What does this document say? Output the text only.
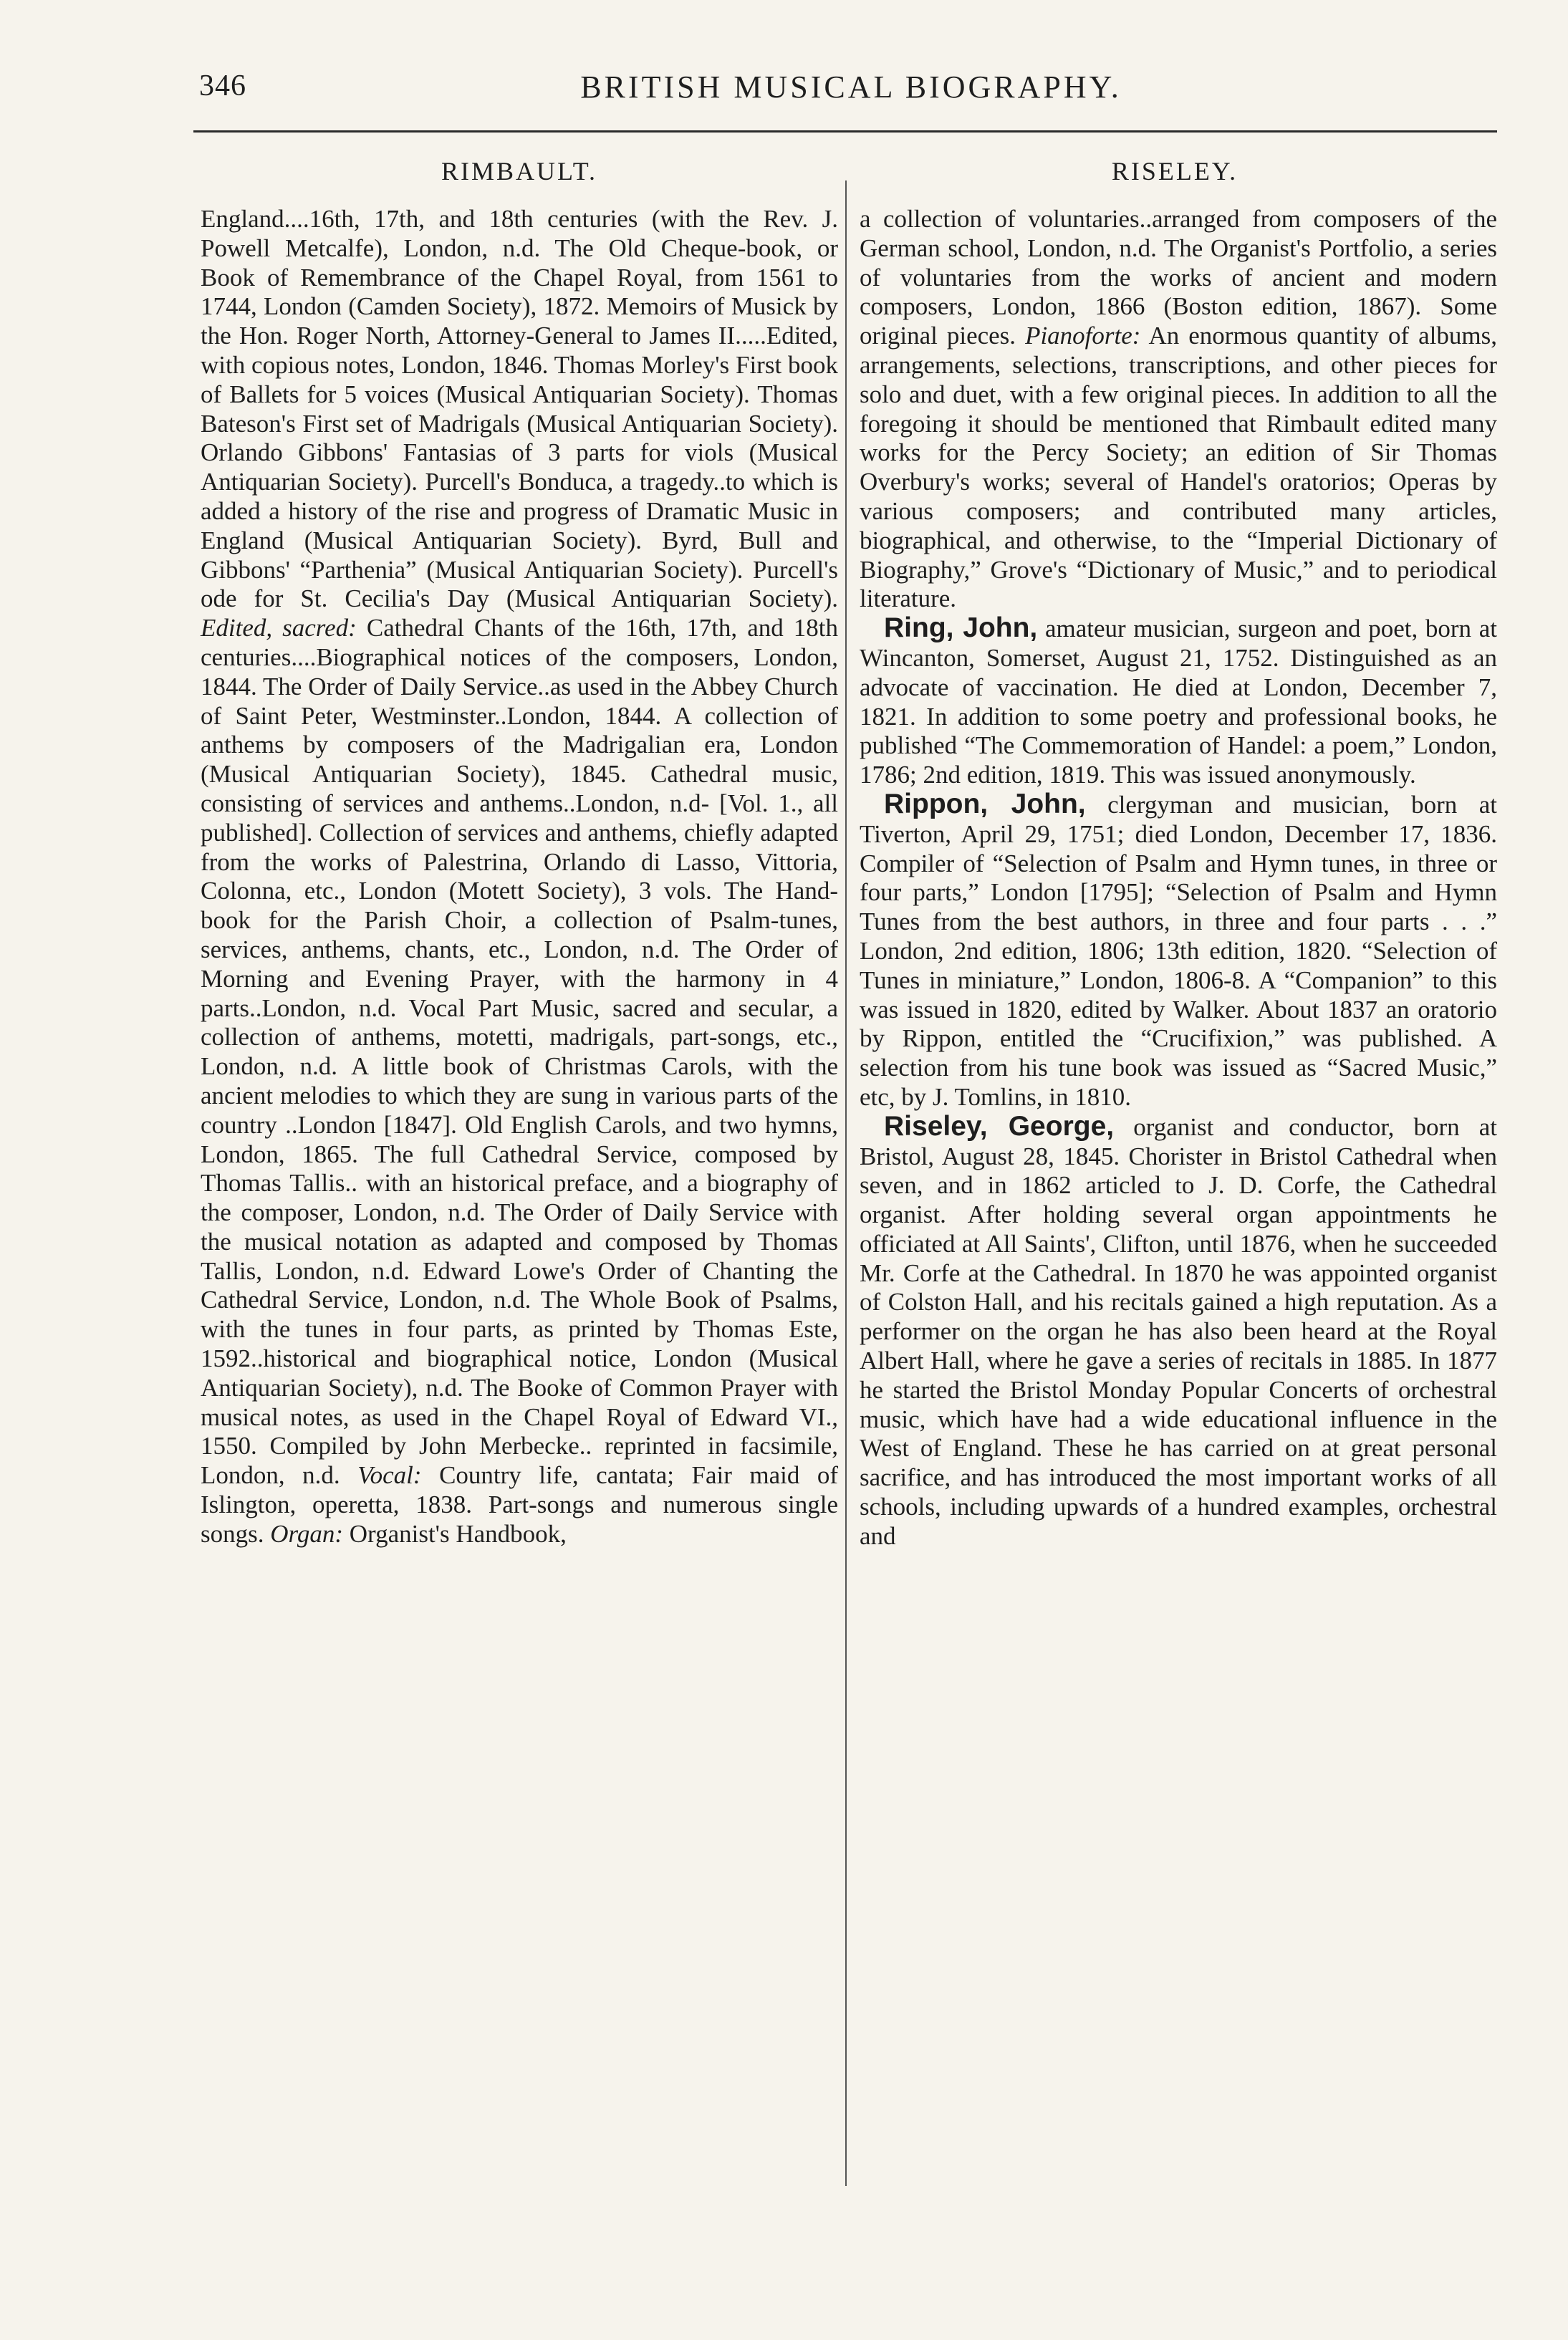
346	BRITISH MUSICAL BIOGRAPHY.
RIMBAULT.	RISELEY.

England....16th, 17th, and 18th centuries (with the Rev. J. Powell Metcalfe), London, n.d. The Old Cheque-book, or Book of Remembrance of the Chapel Royal, from 1561 to 1744, London (Camden Society), 1872. Memoirs of Musick by the Hon. Roger North, Attorney-General to James II.....Edited, with copious notes, London, 1846. Thomas Morley's First book of Ballets for 5 voices (Musical Antiquarian Society). Thomas Bateson's First set of Madrigals (Musical Antiquarian Society). Orlando Gibbons' Fantasias of 3 parts for viols (Musical Antiquarian Society). Purcell's Bonduca, a tragedy..to which is added a history of the rise and progress of Dramatic Music in England (Musical Antiquarian Society). Byrd, Bull and Gibbons' “Parthenia” (Musical Antiquarian Society). Purcell's ode for St. Cecilia's Day (Musical Antiquarian Society). Edited, sacred: Cathedral Chants of the 16th, 17th, and 18th centuries....Biographical notices of the composers, London, 1844. The Order of Daily Service..as used in the Abbey Church of Saint Peter, Westminster..London, 1844. A collection of anthems by composers of the Madrigalian era, London (Musical Antiquarian Society), 1845. Cathedral music, consisting of services and anthems..London, n.d- [Vol. 1., all published]. Collection of services and anthems, chiefly adapted from the works of Palestrina, Orlando di Lasso, Vittoria, Colonna, etc., London (Motett Society), 3 vols. The Hand-book for the Parish Choir, a collection of Psalm-tunes, services, anthems, chants, etc., London, n.d. The Order of Morning and Evening Prayer, with the harmony in 4 parts..London, n.d. Vocal Part Music, sacred and secular, a collection of anthems, motetti, madrigals, part-songs, etc., London, n.d. A little book of Christmas Carols, with the ancient melodies to which they are sung in various parts of the country ..London [1847]. Old English Carols, and two hymns, London, 1865. The full Cathedral Service, composed by Thomas Tallis.. with an historical preface, and a biography of the composer, London, n.d. The Order of Daily Service with the musical notation as adapted and composed by Thomas Tallis, London, n.d. Edward Lowe's Order of Chanting the Cathedral Service, London, n.d. The Whole Book of Psalms, with the tunes in four parts, as printed by Thomas Este, 1592..historical and biographical notice, London (Musical Antiquarian Society), n.d. The Booke of Common Prayer with musical notes, as used in the Chapel Royal of Edward VI., 1550. Compiled by John Merbecke.. reprinted in facsimile, London, n.d. Vocal: Country life, cantata; Fair maid of Islington, operetta, 1838. Part-songs and numerous single songs. Organ: Organist's Handbook,

a collection of voluntaries..arranged from composers of the German school, London, n.d. The Organist's Portfolio, a series of voluntaries from the works of ancient and modern composers, London, 1866 (Boston edition, 1867). Some original pieces. Pianoforte: An enormous quantity of albums, arrangements, selections, transcriptions, and other pieces for solo and duet, with a few original pieces. In addition to all the foregoing it should be mentioned that Rimbault edited many works for the Percy Society; an edition of Sir Thomas Overbury's works; several of Handel's oratorios; Operas by various composers; and contributed many articles, biographical, and otherwise, to the “Imperial Dictionary of Biography,” Grove's “Dictionary of Music,” and to periodical literature.

Ring, John, amateur musician, surgeon and poet, born at Wincanton, Somerset, August 21, 1752. Distinguished as an advocate of vaccination. He died at London, December 7, 1821. In addition to some poetry and professional books, he published “The Commemoration of Handel: a poem,” London, 1786; 2nd edition, 1819. This was issued anonymously.

Rippon, John, clergyman and musician, born at Tiverton, April 29, 1751; died London, December 17, 1836. Compiler of “Selection of Psalm and Hymn tunes, in three or four parts,” London [1795]; “Selection of Psalm and Hymn Tunes from the best authors, in three and four parts . . .” London, 2nd edition, 1806; 13th edition, 1820. “Selection of Tunes in miniature,” London, 1806-8. A “Companion” to this was issued in 1820, edited by Walker. About 1837 an oratorio by Rippon, entitled the “Crucifixion,” was published. A selection from his tune book was issued as “Sacred Music,” etc, by J. Tomlins, in 1810.

Riseley, George, organist and conductor, born at Bristol, August 28, 1845. Chorister in Bristol Cathedral when seven, and in 1862 articled to J. D. Corfe, the Cathedral organist. After holding several organ appointments he officiated at All Saints', Clifton, until 1876, when he succeeded Mr. Corfe at the Cathedral. In 1870 he was appointed organist of Colston Hall, and his recitals gained a high reputation. As a performer on the organ he has also been heard at the Royal Albert Hall, where he gave a series of recitals in 1885. In 1877 he started the Bristol Monday Popular Concerts of orchestral music, which have had a wide educational influence in the West of England. These he has carried on at great personal sacrifice, and has introduced the most important works of all schools, including upwards of a hundred examples, orchestral and
